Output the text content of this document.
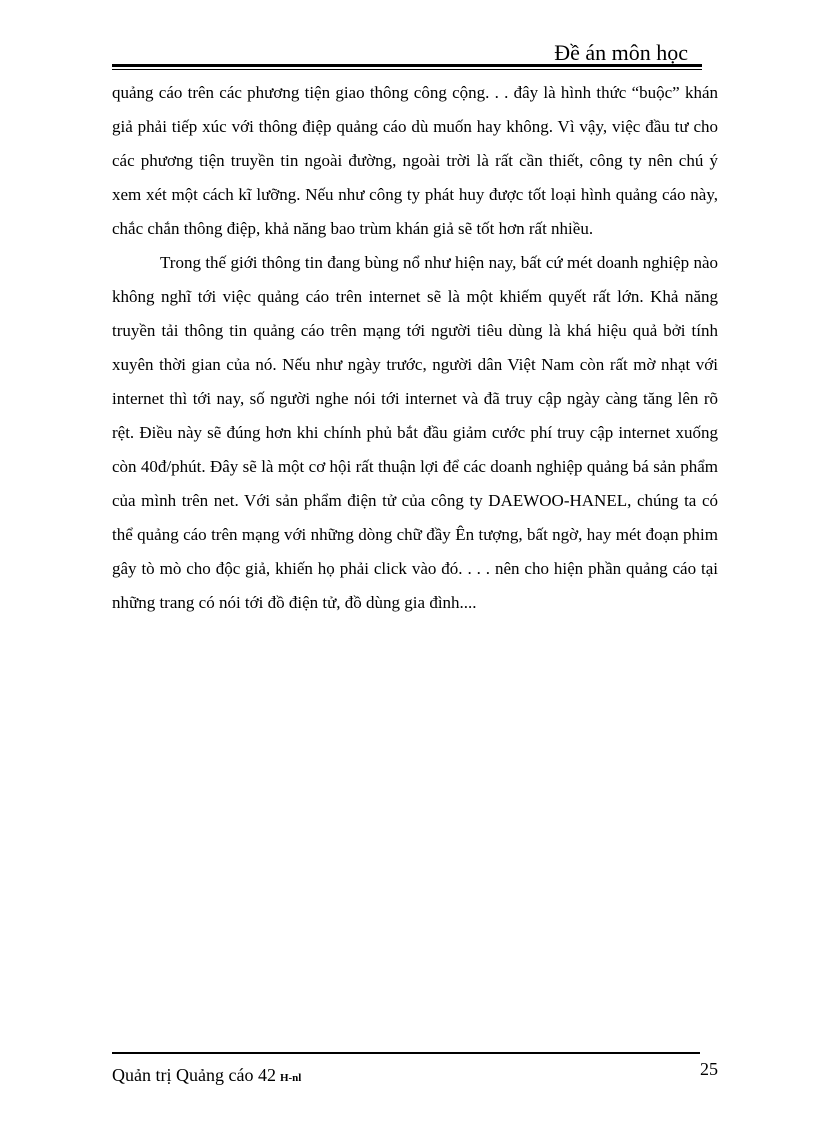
Đề án môn học

quảng cáo trên các phương tiện giao thông công cộng. . . đây là hình thức “buộc” khán giả phải tiếp xúc với thông điệp quảng cáo dù muốn hay không. Vì vậy, việc đầu tư cho các phương tiện truyền tin ngoài đường, ngoài trời là rất cần thiết, công ty nên chú ý xem xét một cách kĩ lưỡng. Nếu như công ty phát huy được tốt loại hình quảng cáo này, chắc chắn thông điệp, khả năng bao trùm khán giả sẽ tốt hơn rất nhiều.

Trong thế giới thông tin đang bùng nổ như hiện nay, bất cứ mét doanh nghiệp nào không nghĩ tới việc quảng cáo trên internet sẽ là một khiếm quyết rất lớn. Khả năng truyền tải thông tin quảng cáo trên mạng tới người tiêu dùng là khá hiệu quả bởi tính xuyên thời gian của nó. Nếu như ngày trước, người dân Việt Nam còn rất mờ nhạt với internet thì tới nay, số người nghe nói tới internet và đã truy cập ngày càng tăng lên rõ rệt. Điều này sẽ đúng hơn khi chính phủ bắt đầu giảm cước phí truy cập internet xuống còn 40đ/phút. Đây sẽ là một cơ hội rất thuận lợi để các doanh nghiệp quảng bá sản phẩm của mình trên net. Với sản phẩm điện tử của công ty DAEWOO-HANEL, chúng ta có thể quảng cáo trên mạng với những dòng chữ đầy Ên tượng, bất ngờ, hay mét đoạn phim gây tò mò cho độc giả, khiến họ phải click vào đó. . . . nên cho hiện phần quảng cáo tại những trang có nói tới đồ điện tử, đồ dùng gia đình....

Quản trị Quảng cáo 42 H-nl	25
